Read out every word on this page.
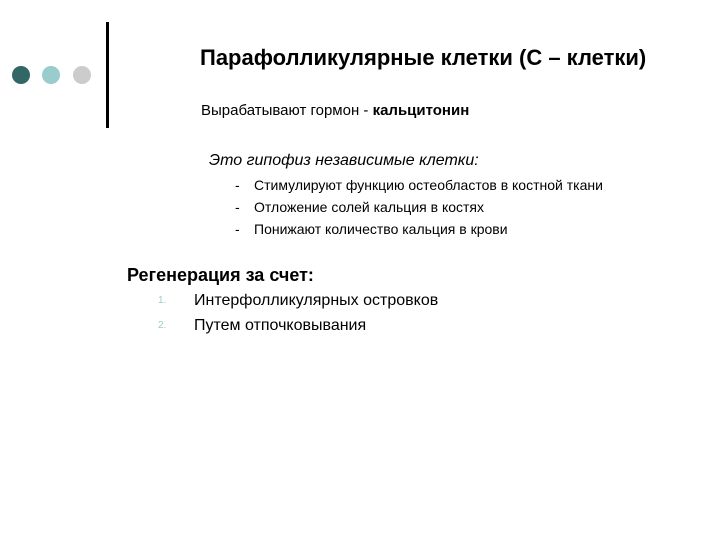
Парафолликулярные клетки (С – клетки)
Вырабатывают гормон - кальцитонин
Это гипофиз независимые клетки:
- Стимулируют функцию остеобластов в костной ткани
- Отложение солей кальция в костях
- Понижают количество кальция в крови
Регенерация за счет:
1. Интерфолликулярных островков
2. Путем отпочковывания
